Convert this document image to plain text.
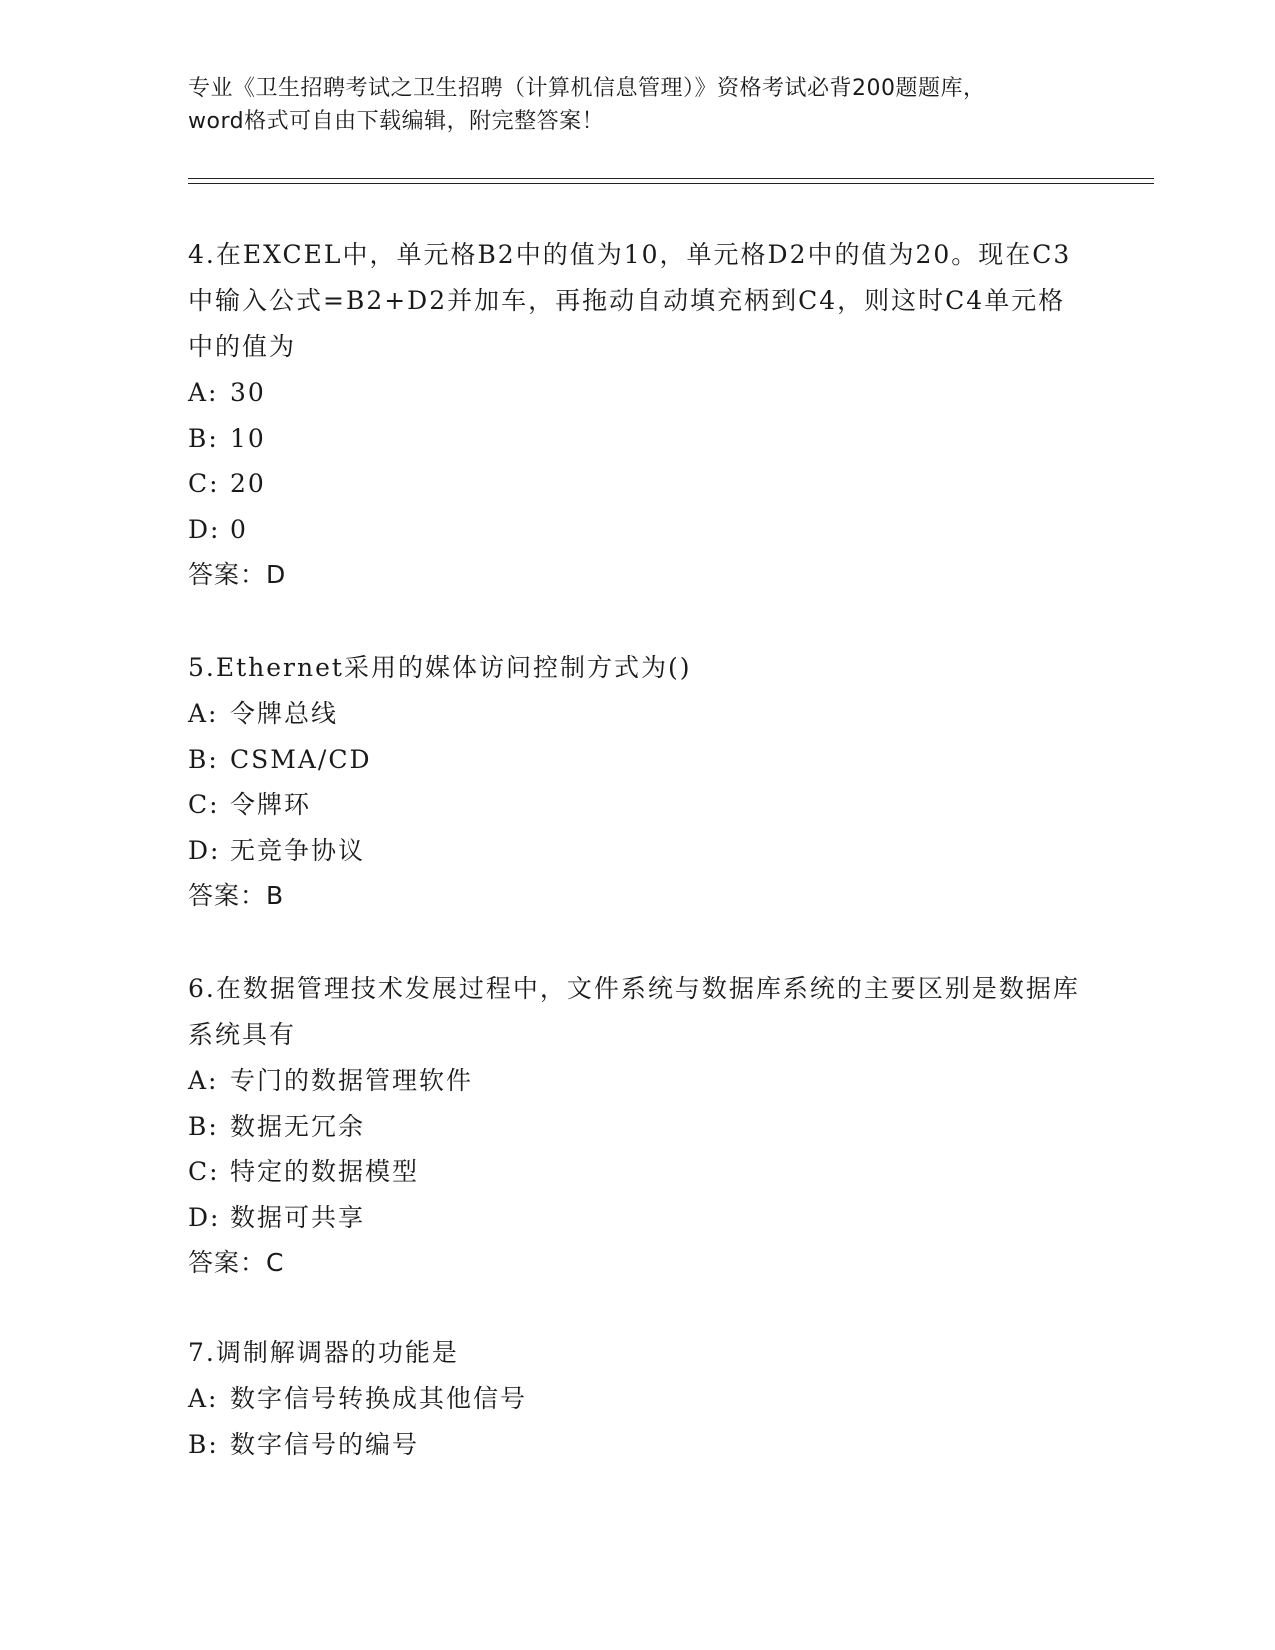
专业《卫生招聘考试之卫生招聘（计算机信息管理）》资格考试必背200题题库，
word格式可自由下载编辑，附完整答案！

4.在EXCEL中，单元格B2中的值为10，单元格D2中的值为20。现在C3中输入公式=B2+D2并加车，再拖动自动填充柄到C4，则这时C4单元格中的值为

A: 30

B: 10

C: 20

D: 0

答案：D

5.Ethernet采用的媒体访问控制方式为()

A: 令牌总线

B: CSMA/CD

C: 令牌环

D: 无竞争协议

答案：B

6.在数据管理技术发展过程中，文件系统与数据库系统的主要区别是数据库系统具有

A: 专门的数据管理软件

B: 数据无冗余

C: 特定的数据模型

D: 数据可共享

答案：C

7.调制解调器的功能是

A: 数字信号转换成其他信号

B: 数字信号的编号
